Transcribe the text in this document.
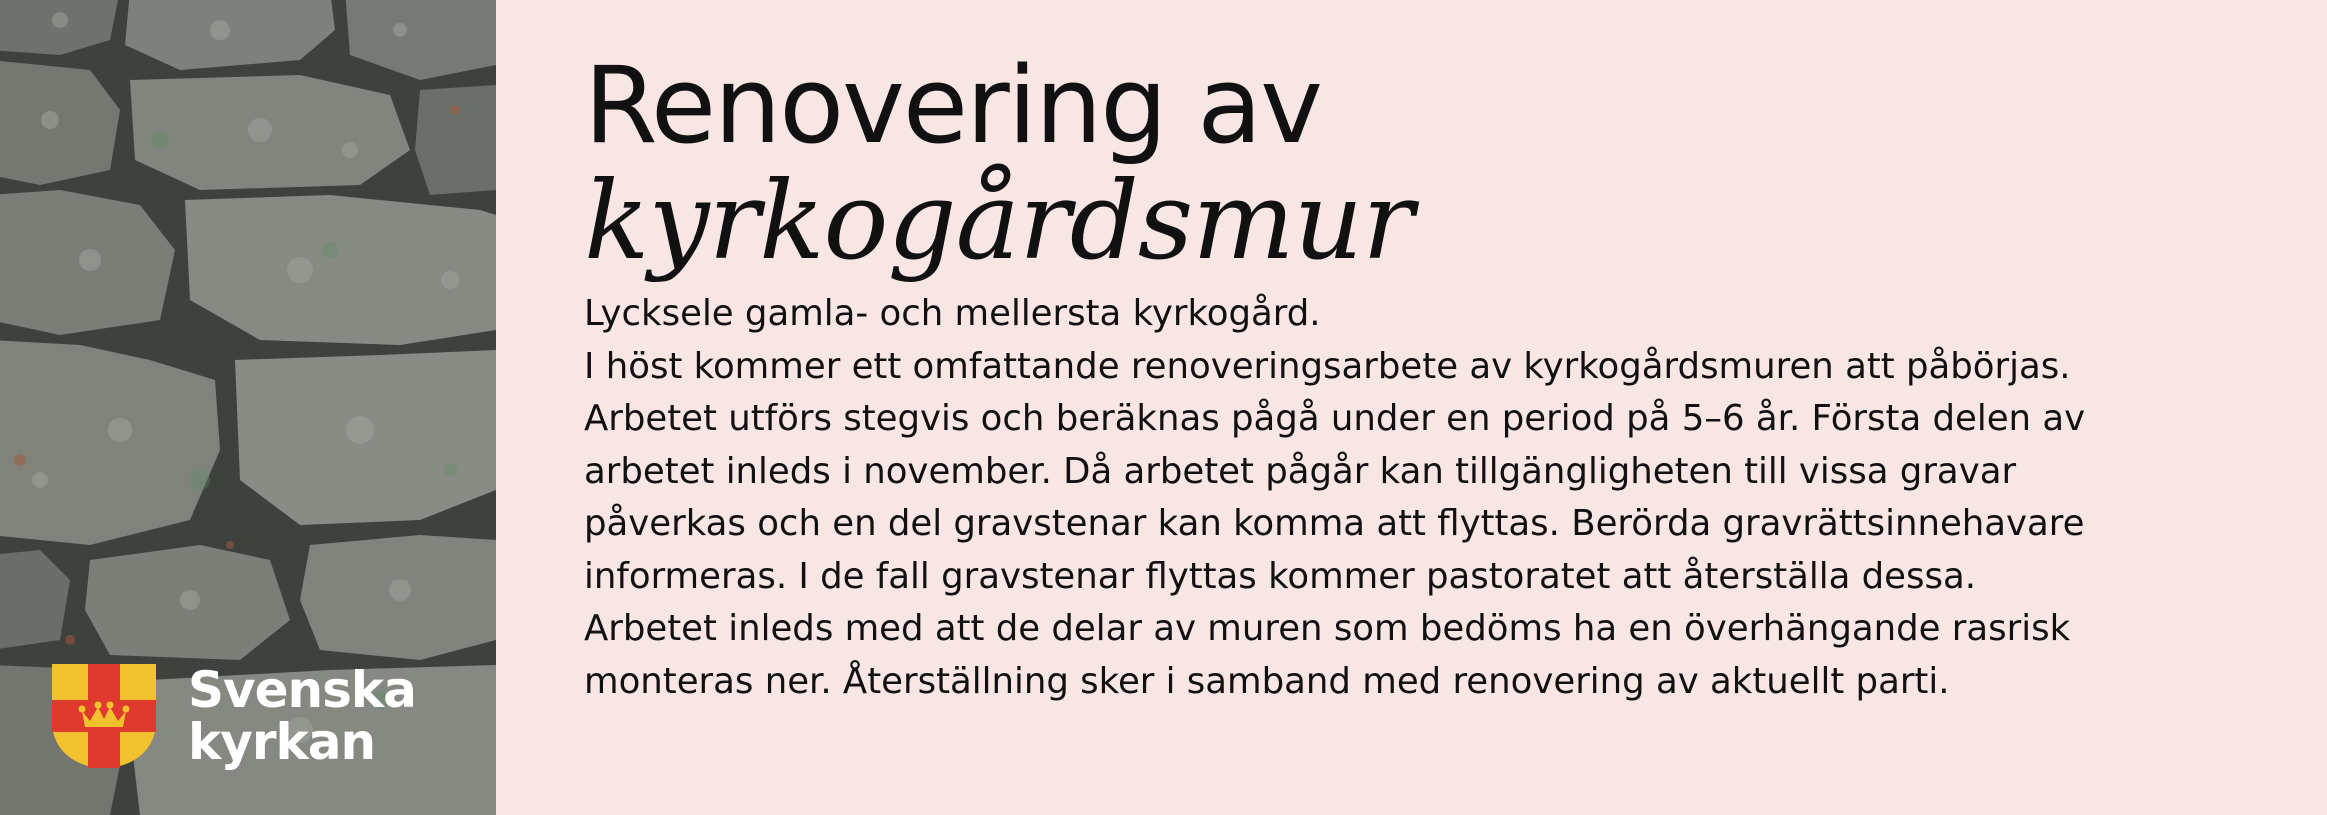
Svenska
kyrkan
Renovering av
kyrkogårdsmur
Lycksele gamla- och mellersta kyrkogård.
I höst kommer ett omfattande renoveringsarbete av kyrkogårdsmuren att påbörjas.
Arbetet utförs stegvis och beräknas pågå under en period på 5–6 år. Första delen av
arbetet inleds i november. Då arbetet pågår kan tillgängligheten till vissa gravar
påverkas och en del gravstenar kan komma att flyttas. Berörda gravrättsinnehavare
informeras. I de fall gravstenar flyttas kommer pastoratet att återställa dessa.
Arbetet inleds med att de delar av muren som bedöms ha en överhängande rasrisk
monteras ner. Återställning sker i samband med renovering av aktuellt parti.
